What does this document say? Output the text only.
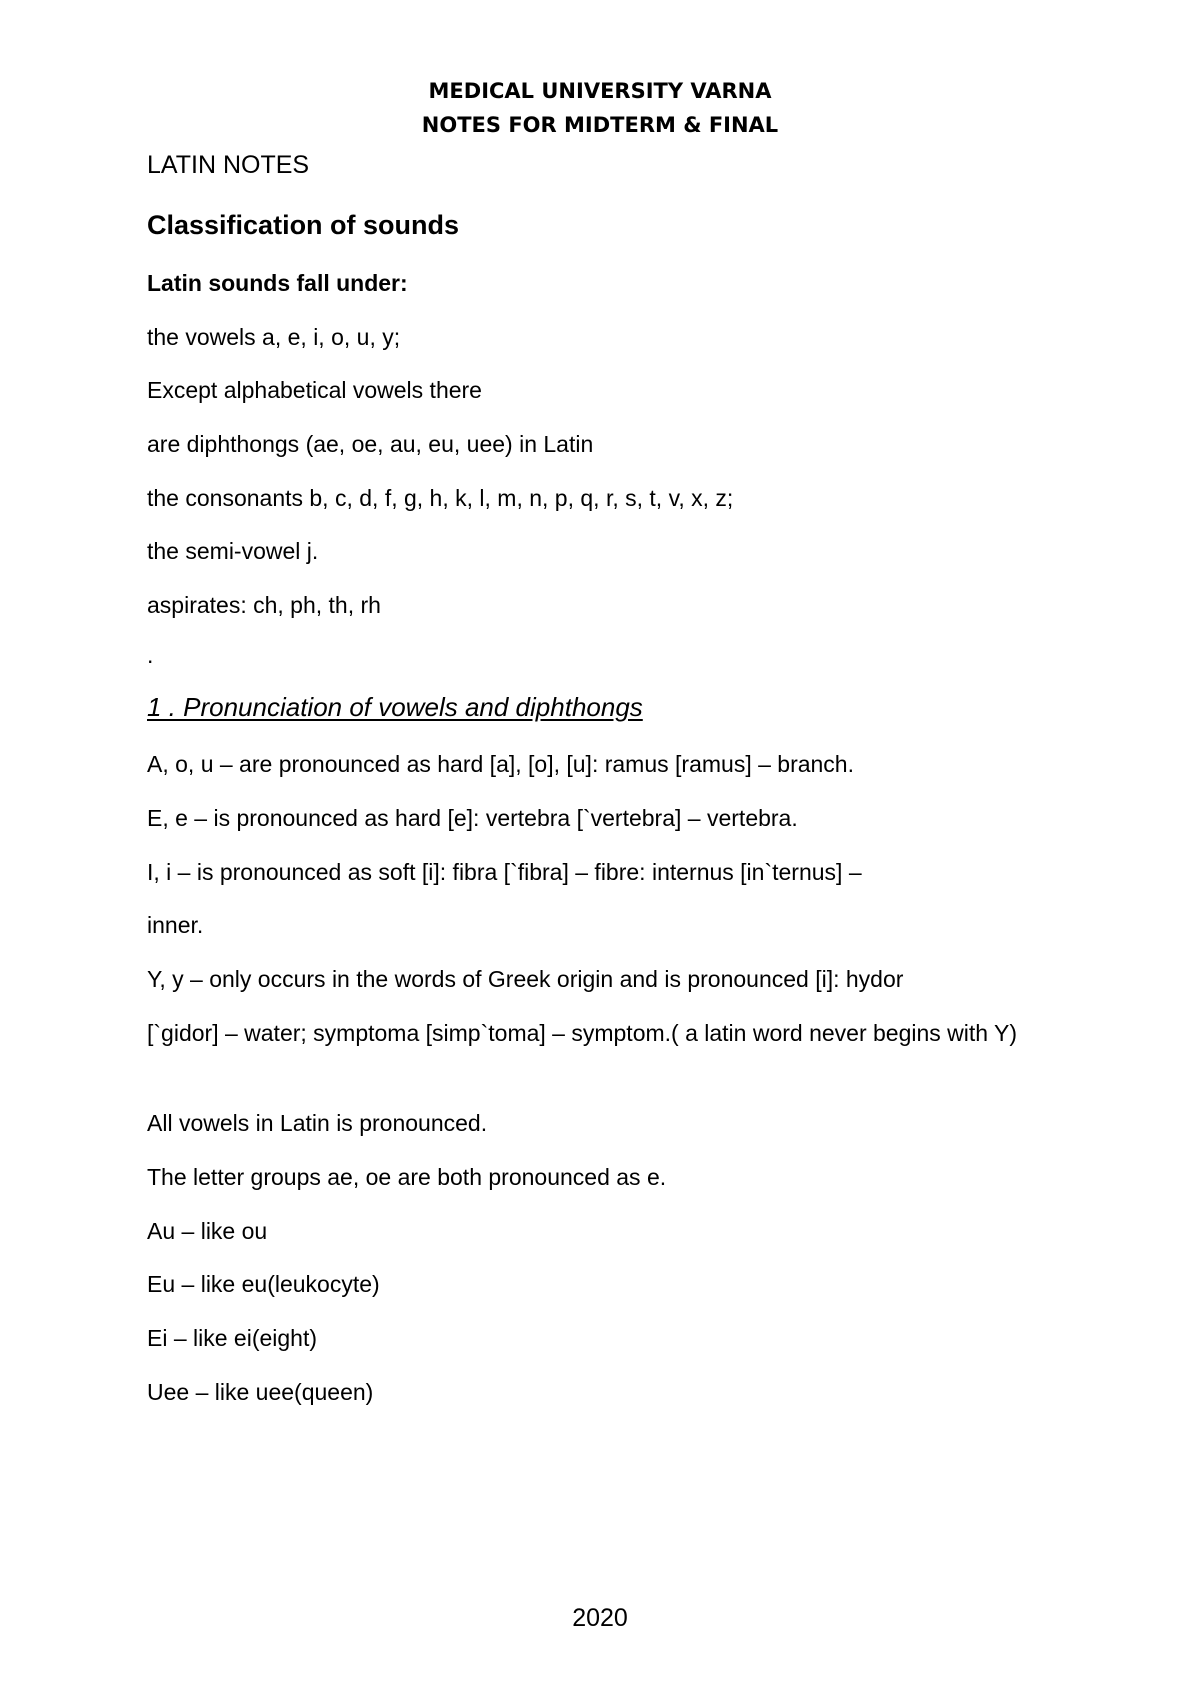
MEDICAL UNIVERSITY VARNA
NOTES FOR MIDTERM & FINAL
LATIN NOTES
Classification of sounds
Latin sounds fall under:
the vowels a, e, i, o, u, y;
Except alphabetical vowels there
are diphthongs (ae, oe, au, eu, uee) in Latin
the consonants b, c, d, f, g, h, k, l, m, n, p, q, r, s, t, v, x, z;
the semi-vowel j.
aspirates: ch, ph, th, rh
.
1 . Pronunciation of vowels and diphthongs
A, o, u – are pronounced as hard [a], [o], [u]: ramus [ramus] – branch.
E, e – is pronounced as hard [e]: vertebra [`vertebra] – vertebra.
I, i – is pronounced as soft [i]: fibra [`fibra] – fibre: internus [in`ternus] –
inner.
Y, y – only occurs in the words of Greek origin and is pronounced [i]: hydor
[`gidor] – water; symptoma [simp`toma] – symptom.( a latin word never begins with Y)
All vowels in Latin is pronounced.
The letter groups ae, oe are both pronounced as e.
Au – like ou
Eu – like eu(leukocyte)
Ei – like ei(eight)
Uee – like uee(queen)
2020
